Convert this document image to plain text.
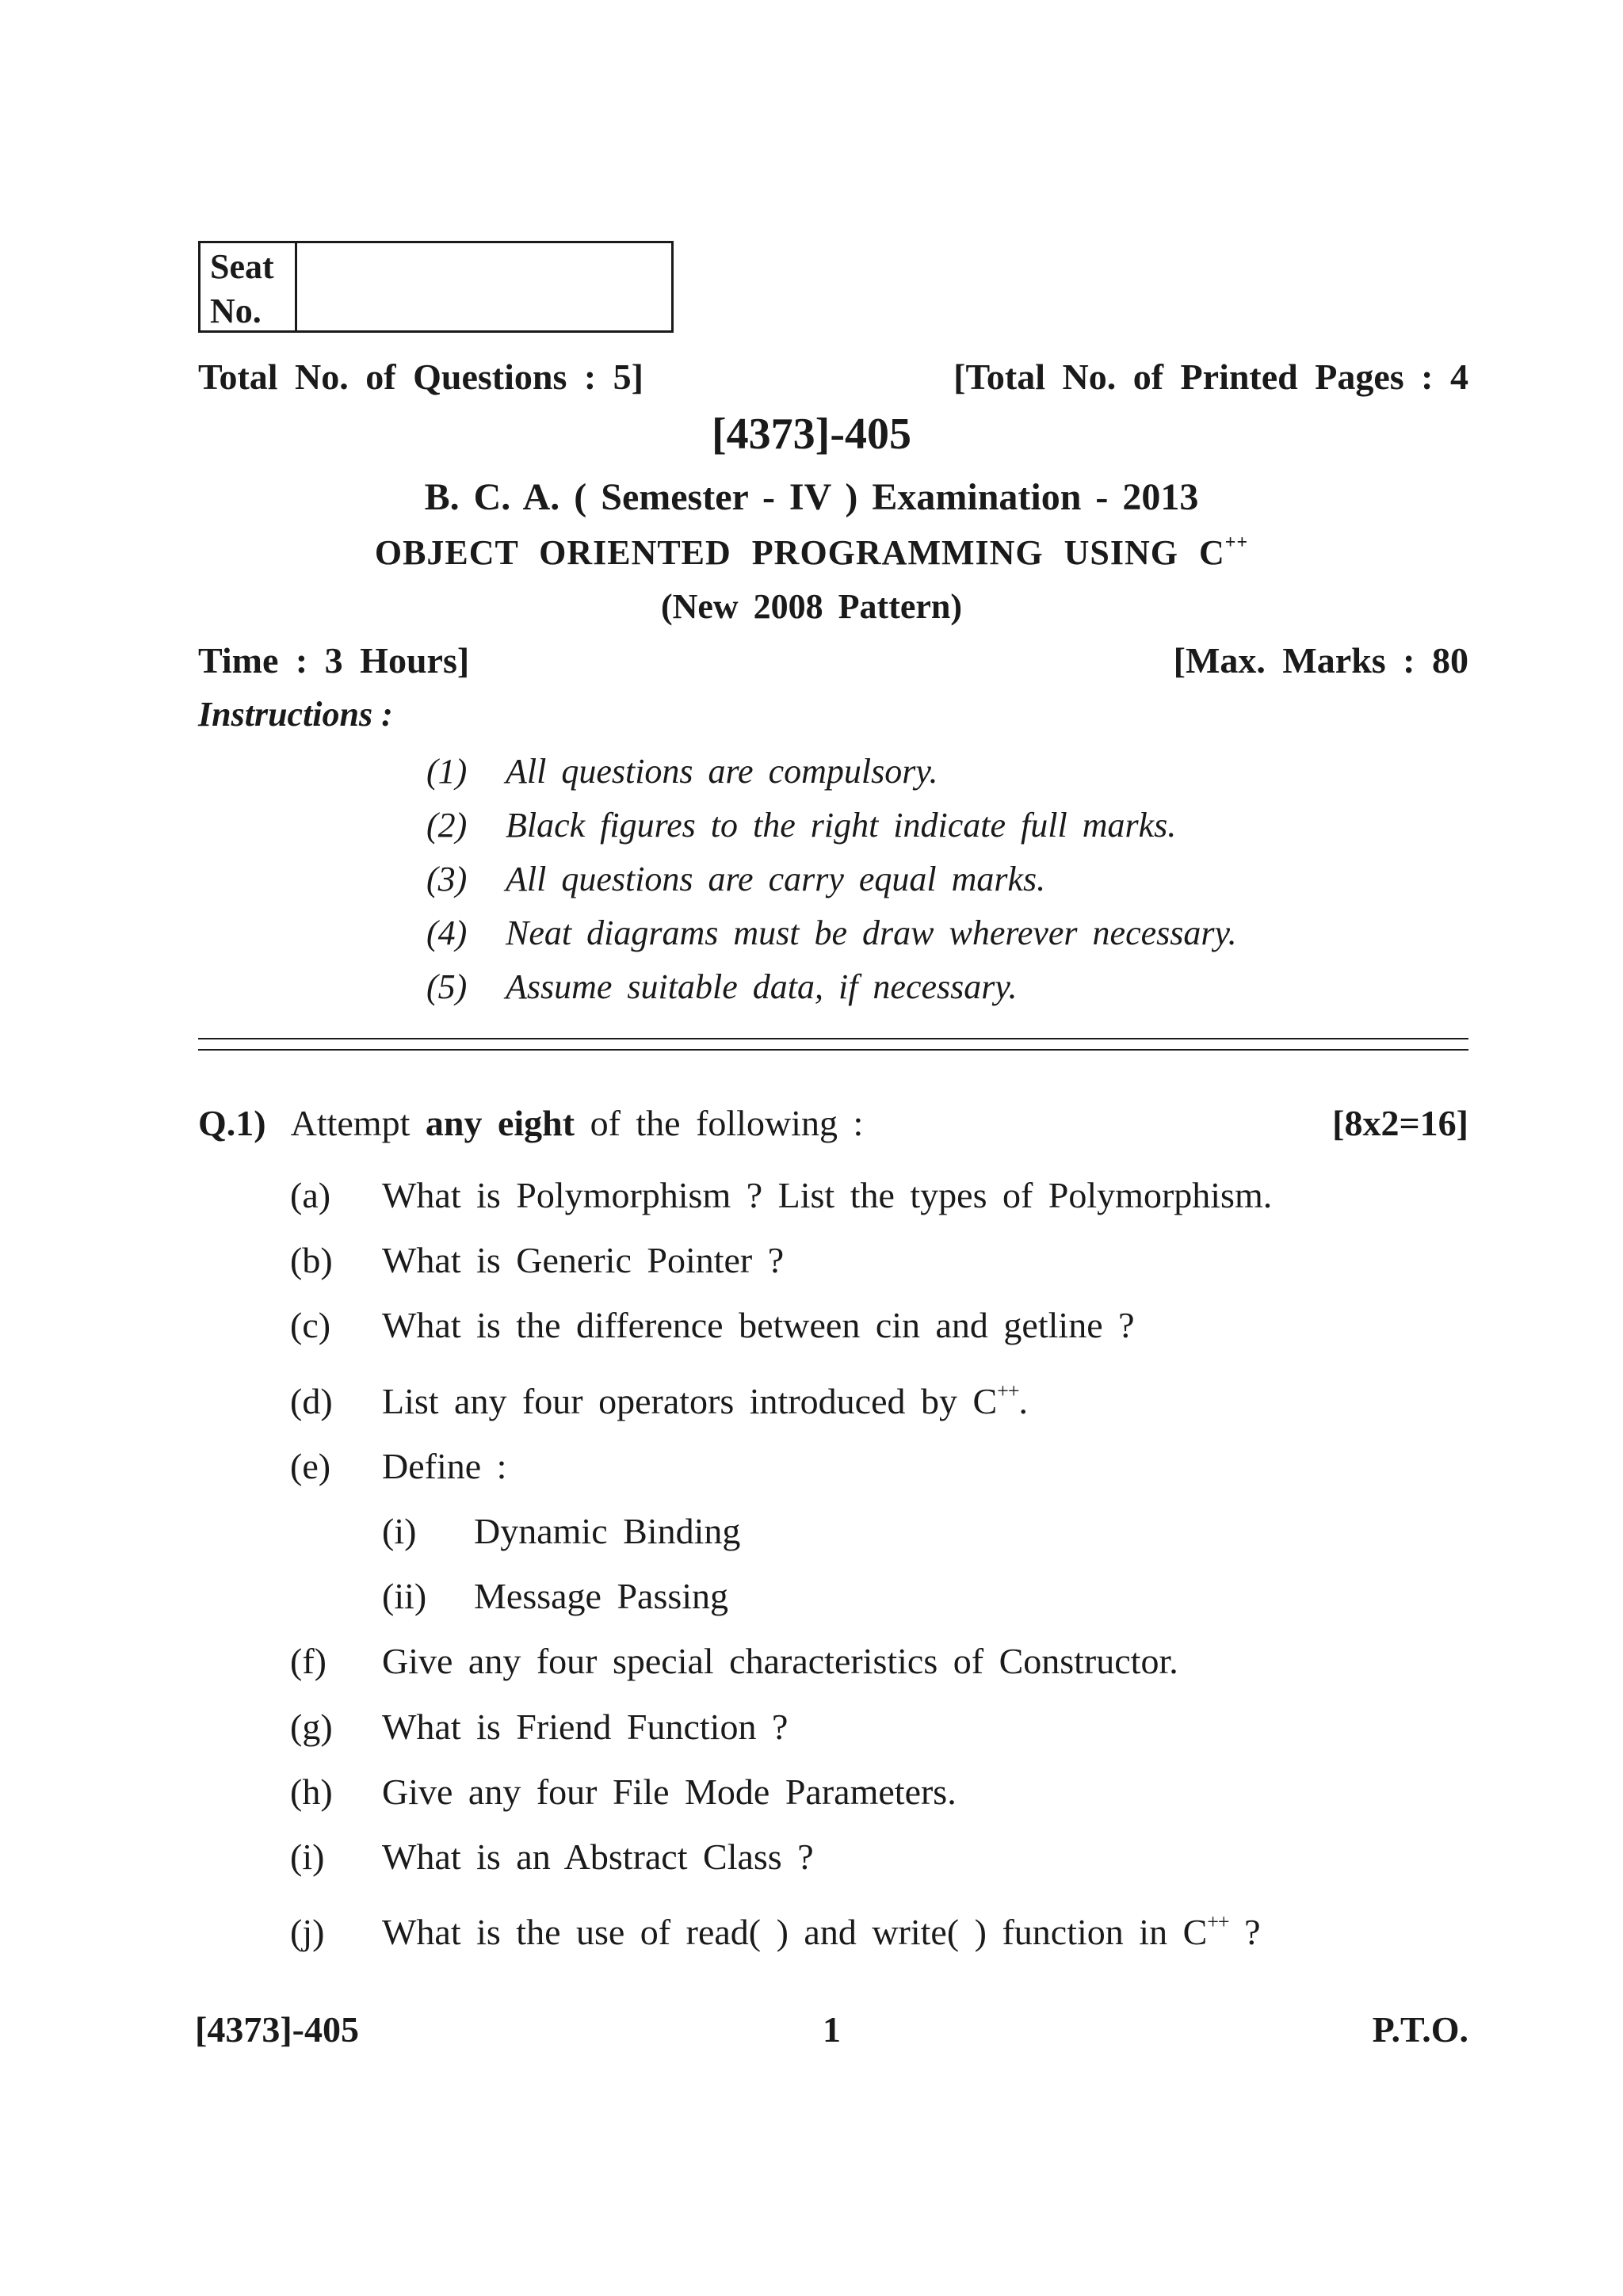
Seat
No.
Total No. of Questions : 5]	[Total No. of Printed Pages : 4
[4373]-405
B. C. A. ( Semester - IV ) Examination - 2013
OBJECT ORIENTED PROGRAMMING USING C++
(New 2008 Pattern)
Time : 3 Hours]	[Max. Marks : 80
Instructions :
(1) All questions are compulsory.
(2) Black figures to the right indicate full marks.
(3) All questions are carry equal marks.
(4) Neat diagrams must be draw wherever necessary.
(5) Assume suitable data, if necessary.
Q.1) Attempt any eight of the following :	[8x2=16]
(a) What is Polymorphism ? List the types of Polymorphism.
(b) What is Generic Pointer ?
(c) What is the difference between cin and getline ?
(d) List any four operators introduced by C++.
(e) Define :
(i) Dynamic Binding
(ii) Message Passing
(f) Give any four special characteristics of Constructor.
(g) What is Friend Function ?
(h) Give any four File Mode Parameters.
(i) What is an Abstract Class ?
(j) What is the use of read( ) and write( ) function in C++ ?
[4373]-405	1	P.T.O.
